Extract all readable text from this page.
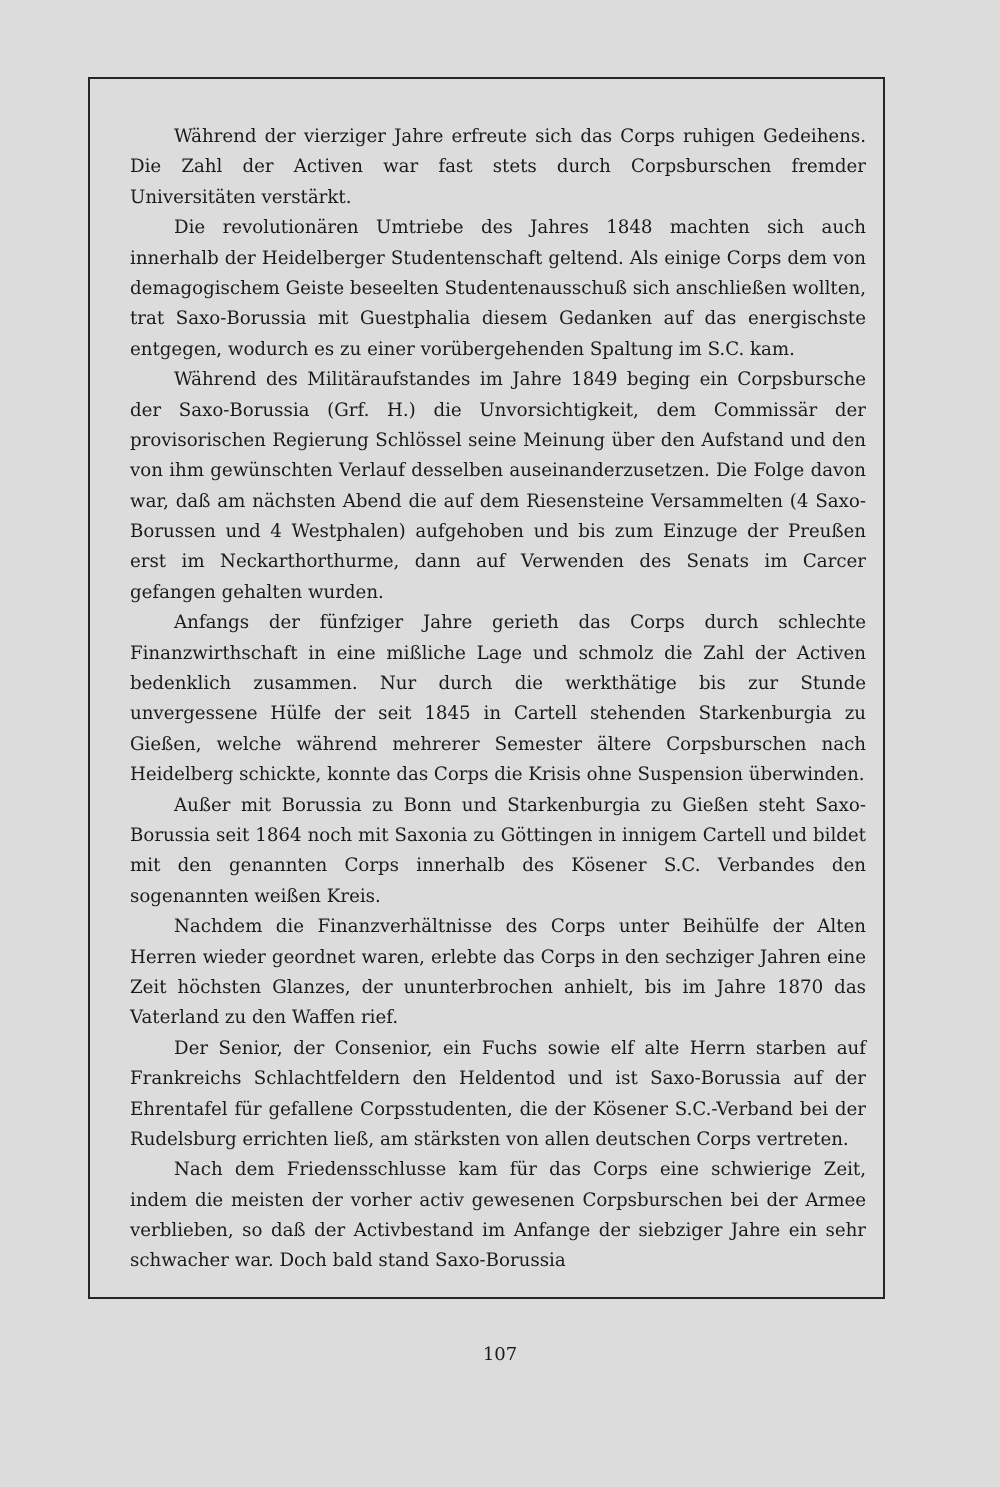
Während der vierziger Jahre erfreute sich das Corps ruhigen Gedeihens. Die Zahl der Activen war fast stets durch Corpsburschen fremder Universitäten verstärkt.

Die revolutionären Umtriebe des Jahres 1848 machten sich auch innerhalb der Heidelberger Studentenschaft geltend. Als einige Corps dem von demagogischem Geiste beseelten Studentenausschuß sich anschließen wollten, trat Saxo-Borussia mit Guestphalia diesem Gedanken auf das energischste entgegen, wodurch es zu einer vorübergehenden Spaltung im S.C. kam.

Während des Militäraufstandes im Jahre 1849 beging ein Corpsbursche der Saxo-Borussia (Grf. H.) die Unvorsichtigkeit, dem Commissär der provisorischen Regierung Schlössel seine Meinung über den Aufstand und den von ihm gewünschten Verlauf desselben auseinanderzusetzen. Die Folge davon war, daß am nächsten Abend die auf dem Riesensteine Versammelten (4 Saxo-Borussen und 4 Westphalen) aufgehoben und bis zum Einzuge der Preußen erst im Neckarthorthurme, dann auf Verwenden des Senats im Carcer gefangen gehalten wurden.

Anfangs der fünfziger Jahre gerieth das Corps durch schlechte Finanzwirthschaft in eine mißliche Lage und schmolz die Zahl der Activen bedenklich zusammen. Nur durch die werkthätige bis zur Stunde unvergessene Hülfe der seit 1845 in Cartell stehenden Starkenburgia zu Gießen, welche während mehrerer Semester ältere Corpsburschen nach Heidelberg schickte, konnte das Corps die Krisis ohne Suspension überwinden.

Außer mit Borussia zu Bonn und Starkenburgia zu Gießen steht Saxo-Borussia seit 1864 noch mit Saxonia zu Göttingen in innigem Cartell und bildet mit den genannten Corps innerhalb des Kösener S.C. Verbandes den sogenannten weißen Kreis.

Nachdem die Finanzverhältnisse des Corps unter Beihülfe der Alten Herren wieder geordnet waren, erlebte das Corps in den sechziger Jahren eine Zeit höchsten Glanzes, der ununterbrochen anhielt, bis im Jahre 1870 das Vaterland zu den Waffen rief.

Der Senior, der Consenior, ein Fuchs sowie elf alte Herrn starben auf Frankreichs Schlachtfeldern den Heldentod und ist Saxo-Borussia auf der Ehrentafel für gefallene Corpsstudenten, die der Kösener S.C.-Verband bei der Rudelsburg errichten ließ, am stärksten von allen deutschen Corps vertreten.

Nach dem Friedensschlusse kam für das Corps eine schwierige Zeit, indem die meisten der vorher activ gewesenen Corpsburschen bei der Armee verblieben, so daß der Activbestand im Anfange der siebziger Jahre ein sehr schwacher war. Doch bald stand Saxo-Borussia

107
